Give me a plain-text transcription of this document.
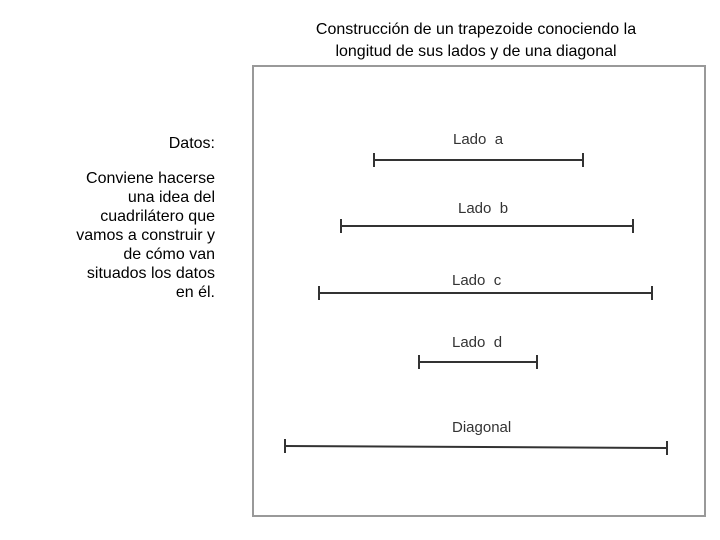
Construcción de un trapezoide conociendo la
longitud de sus lados y de una diagonal
Datos:
Conviene hacerse
una idea del
cuadrilátero que
vamos a construir y
de cómo van
situados los datos
en él.
Lado  a
Lado  b
Lado  c
Lado  d
Diagonal
